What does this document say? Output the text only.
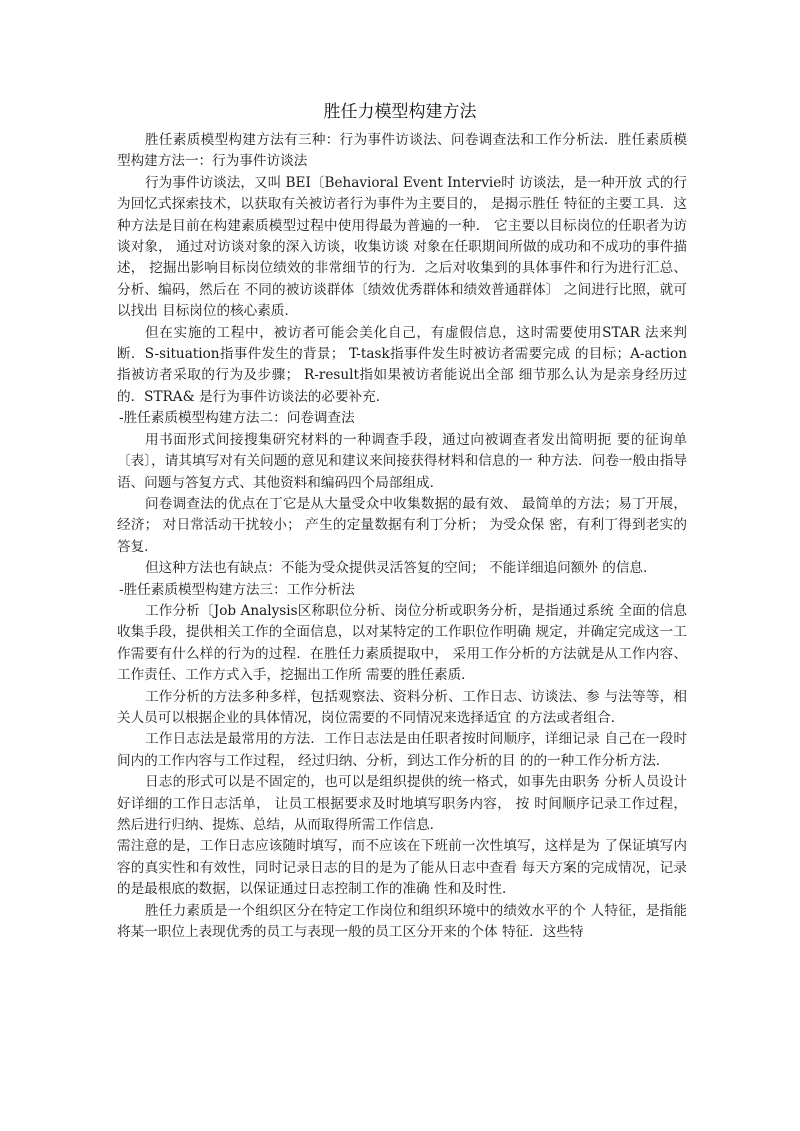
胜任力模型构建方法

胜任素质模型构建方法有三种：行为事件访谈法、问卷调查法和工作分析法．胜任素质模型构建方法一：行为事件访谈法

行为事件访谈法，又叫 BEI〔Behavioral Event Intervie时 访谈法，是一种开放 式的行为回忆式探索技术，以获取有关被访者行为事件为主要目的， 是揭示胜任 特征的主要工具．这种方法是目前在构建素质模型过程中使用得最为普遍的一种． 它主要以目标岗位的任职者为访谈对象， 通过对访谈对象的深入访谈，收集访谈 对象在任职期间所做的成功和不成功的事件描述， 挖掘出影响目标岗位绩效的非常细节的行为．之后对收集到的具体事件和行为进行汇总、分析、编码，然后在 不同的被访谈群体〔绩效优秀群体和绩效普通群体〕 之间进行比照，就可以找出 目标岗位的核心素质．

但在实施的工程中，被访者可能会美化自己，有虚假信息，这时需要使用STAR 法来判断．S-situation指事件发生的背景； T-task指事件发生时被访者需要完成 的目标；A-action指被访者采取的行为及步骤； R-result指如果被访者能说出全部 细节那么认为是亲身经历过的．STRA& 是行为事件访谈法的必要补充．

-胜任素质模型构建方法二：问卷调查法

用书面形式间接搜集研究材料的一种调查手段，通过向被调查者发出简明扼 要的征询单〔表〕，请其填写对有关问题的意见和建议来间接获得材料和信息的一 种方法．问卷一般由指导语、问题与答复方式、其他资料和编码四个局部组成．

问卷调查法的优点在丁它是从大量受众中收集数据的最有效、 最简单的方法；易丁开展，经济； 对日常活动干扰较小； 产生的定量数据有利丁分析； 为受众保 密，有利丁得到老实的答复．

但这种方法也有缺点：不能为受众提供灵活答复的空间； 不能详细追问额外 的信息．

-胜任素质模型构建方法三：工作分析法

工作分析〔Job Analysis区称职位分析、岗位分析或职务分析，是指通过系统 全面的信息收集手段，提供相关工作的全面信息，以对某特定的工作职位作明确 规定，并确定完成这一工作需要有什么样的行为的过程．在胜任力素质提取中， 采用工作分析的方法就是从工作内容、 工作责任、工作方式入手，挖掘出工作所 需要的胜任素质．

工作分析的方法多种多样，包括观察法、资料分析、工作日志、访谈法、参 与法等等，相关人员可以根据企业的具体情况，岗位需要的不同情况来选择适宜 的方法或者组合．

工作日志法是最常用的方法．工作日志法是由任职者按时间顺序，详细记录 自己在一段时间内的工作内容与工作过程， 经过归纳、分析，到达工作分析的目 的的一种工作分析方法．

日志的形式可以是不固定的，也可以是组织提供的统一格式，如事先由职务 分析人员设计好详细的工作日志活单， 让员工根据要求及时地填写职务内容， 按 时间顺序记录工作过程，然后进行归纳、提炼、总结，从而取得所需工作信息．

需注意的是，工作日志应该随时填写，而不应该在下班前一次性填写，这样是为 了保证填写内容的真实性和有效性，同时记录日志的目的是为了能从日志中查看 每天方案的完成情况，记录的是最根底的数据，以保证通过日志控制工作的准确 性和及时性．

胜任力素质是一个组织区分在特定工作岗位和组织环境中的绩效水平的个 人特征，是指能将某一职位上表现优秀的员工与表现一般的员工区分开来的个体 特征．这些特
